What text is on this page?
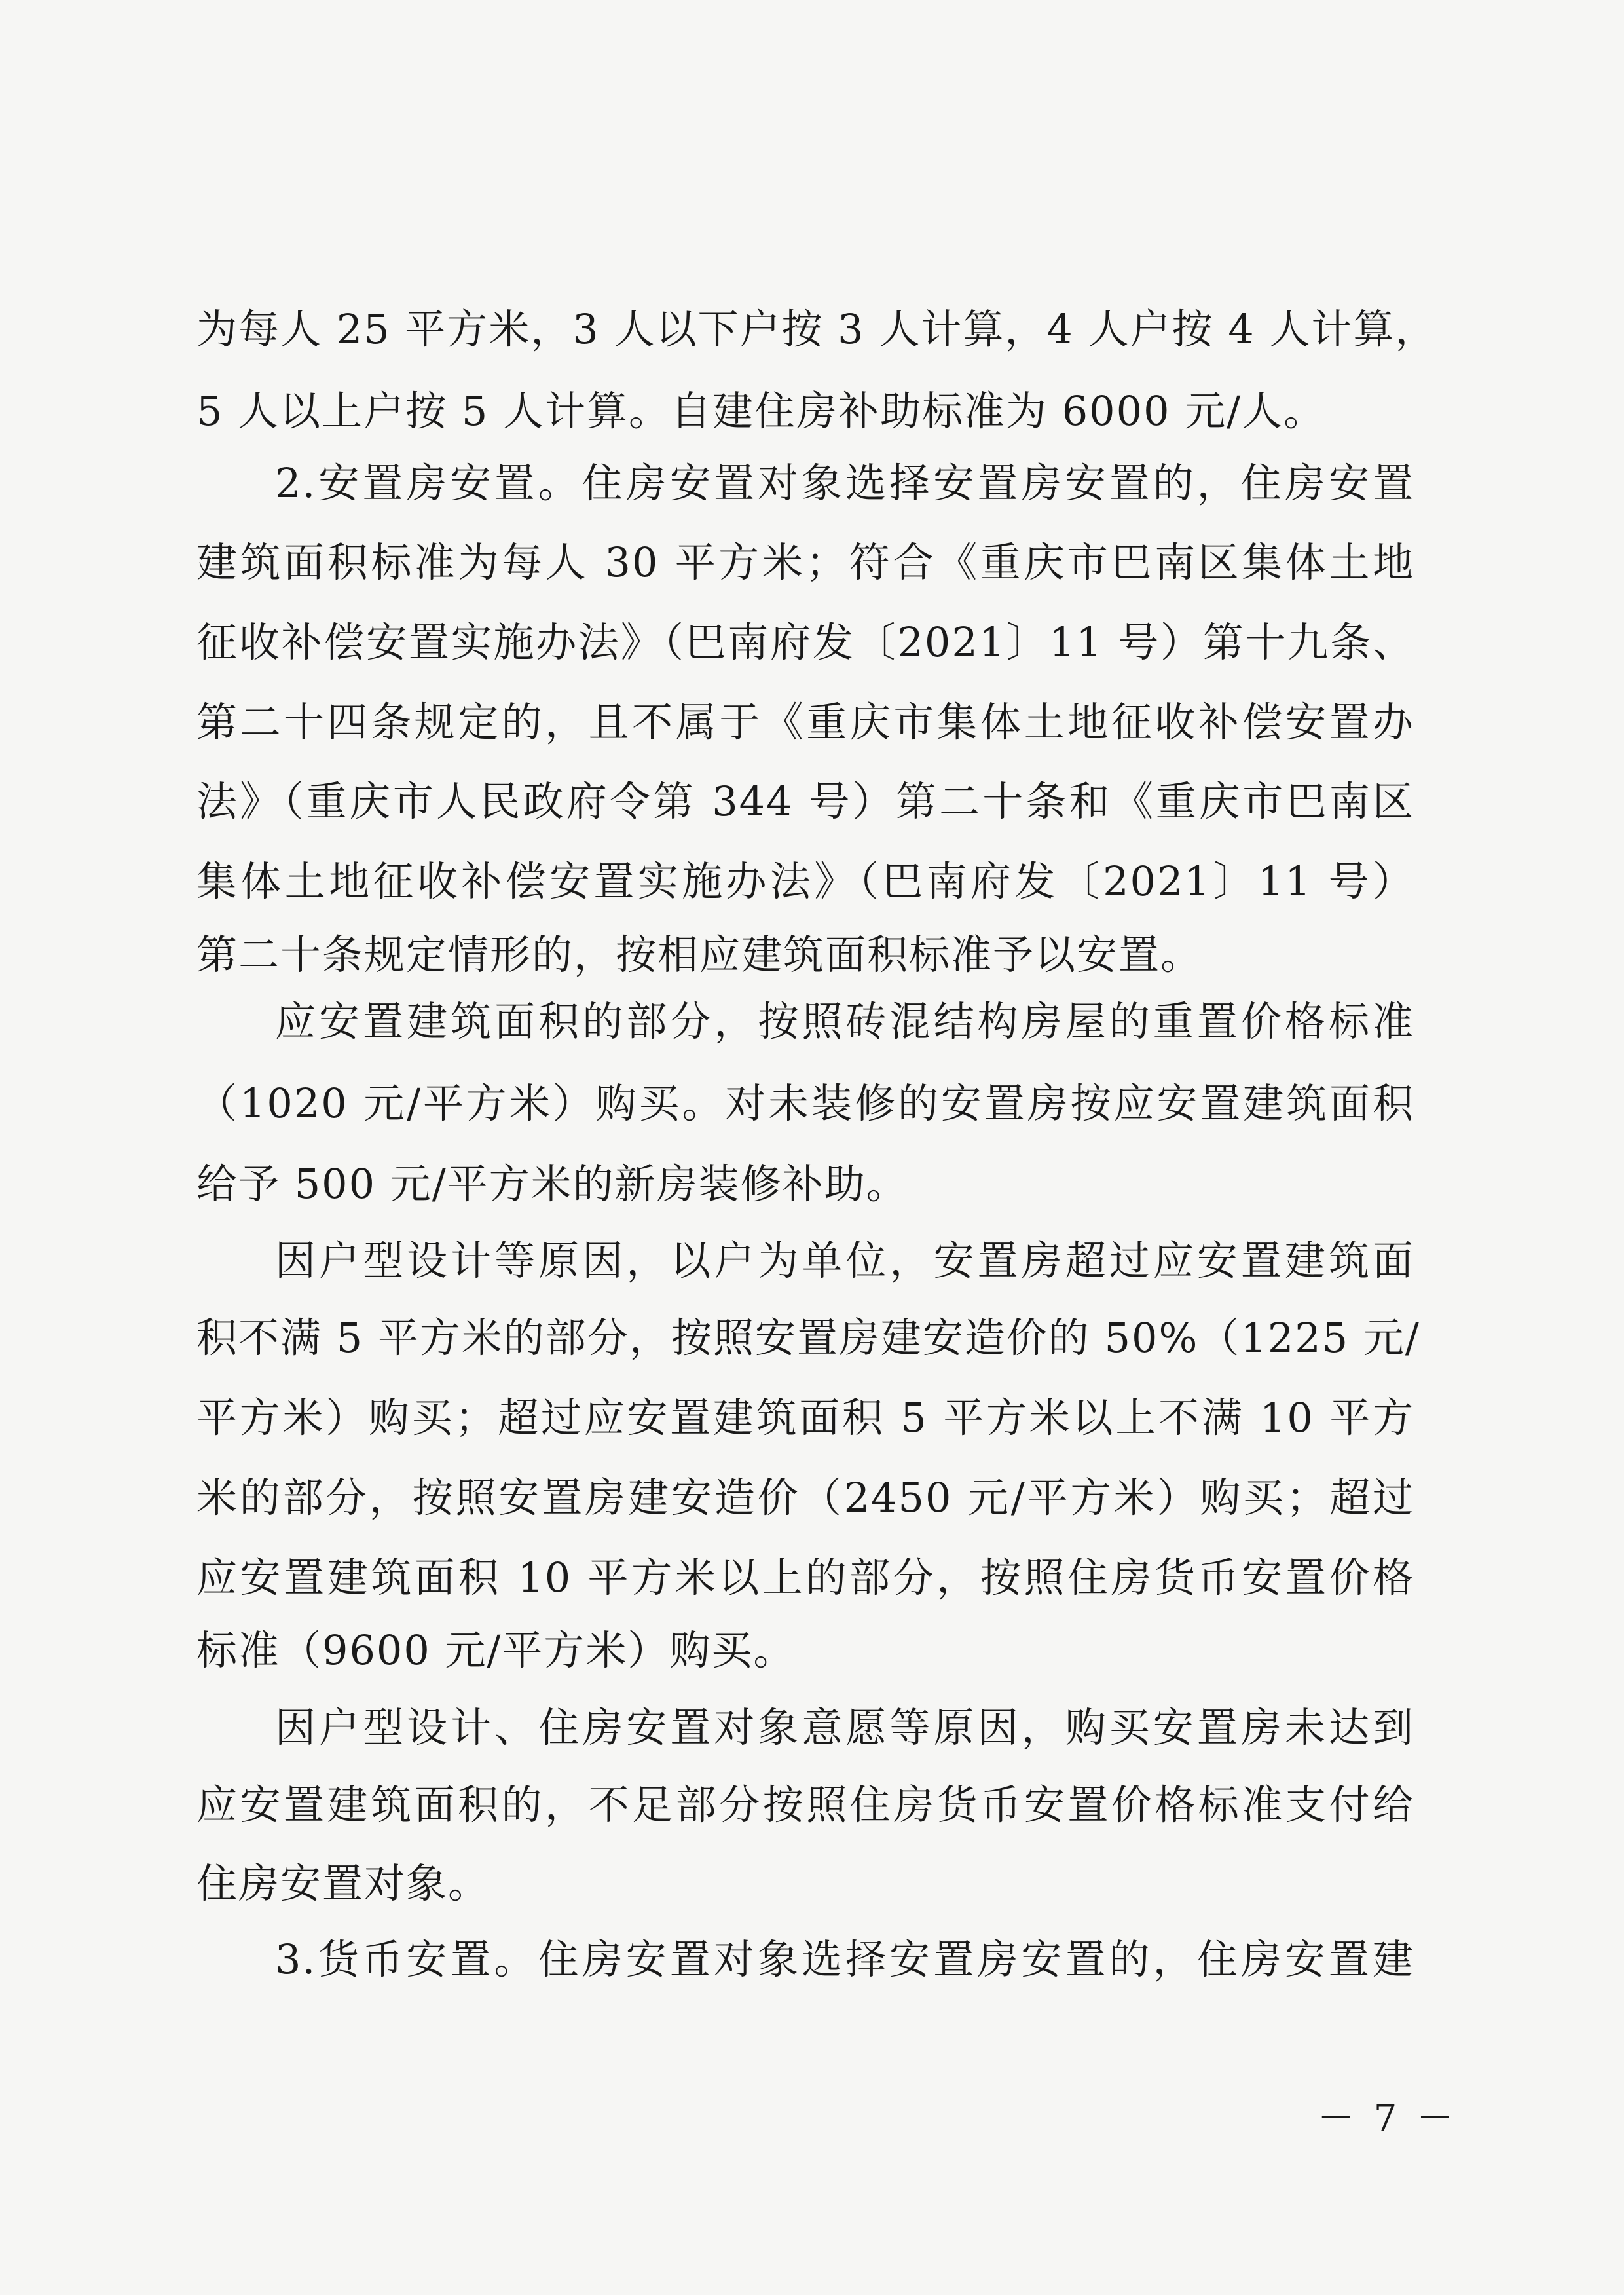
为每人 25 平方米，3 人以下户按 3 人计算，4 人户按 4 人计算，
5 人以上户按 5 人计算。自建住房补助标准为 6000 元/人。
2.安置房安置。住房安置对象选择安置房安置的，住房安置
建筑面积标准为每人 30 平方米；符合《重庆市巴南区集体土地
征收补偿安置实施办法》（巴南府发〔2021〕11 号）第十九条、
第二十四条规定的，且不属于《重庆市集体土地征收补偿安置办
法》（重庆市人民政府令第 344 号）第二十条和《重庆市巴南区
集体土地征收补偿安置实施办法》（巴南府发〔2021〕11 号）
第二十条规定情形的，按相应建筑面积标准予以安置。
应安置建筑面积的部分，按照砖混结构房屋的重置价格标准
（1020 元/平方米）购买。对未装修的安置房按应安置建筑面积
给予 500 元/平方米的新房装修补助。
因户型设计等原因，以户为单位，安置房超过应安置建筑面
积不满 5 平方米的部分，按照安置房建安造价的 50%（1225 元/
平方米）购买；超过应安置建筑面积 5 平方米以上不满 10 平方
米的部分，按照安置房建安造价（2450 元/平方米）购买；超过
应安置建筑面积 10 平方米以上的部分，按照住房货币安置价格
标准（9600 元/平方米）购买。
因户型设计、住房安置对象意愿等原因，购买安置房未达到
应安置建筑面积的，不足部分按照住房货币安置价格标准支付给
住房安置对象。
3.货币安置。住房安置对象选择安置房安置的，住房安置建
－ 7 －
